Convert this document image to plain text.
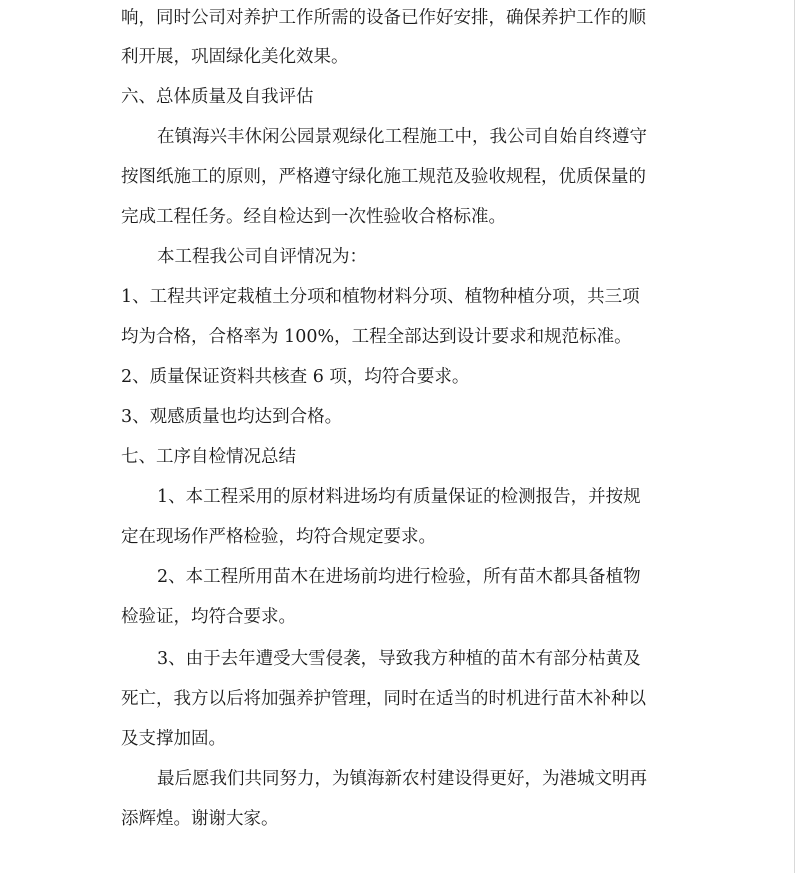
响，同时公司对养护工作所需的设备已作好安排，确保养护工作的顺
利开展，巩固绿化美化效果。
六、总体质量及自我评估
在镇海兴丰休闲公园景观绿化工程施工中，我公司自始自终遵守
按图纸施工的原则，严格遵守绿化施工规范及验收规程，优质保量的
完成工程任务。经自检达到一次性验收合格标准。
本工程我公司自评情况为：
1、工程共评定栽植土分项和植物材料分项、植物种植分项，共三项
均为合格，合格率为 100%，工程全部达到设计要求和规范标准。
2、质量保证资料共核查 6 项，均符合要求。
3、观感质量也均达到合格。
七、工序自检情况总结
1、本工程采用的原材料进场均有质量保证的检测报告，并按规
定在现场作严格检验，均符合规定要求。
2、本工程所用苗木在进场前均进行检验，所有苗木都具备植物
检验证，均符合要求。
3、由于去年遭受大雪侵袭，导致我方种植的苗木有部分枯黄及
死亡，我方以后将加强养护管理，同时在适当的时机进行苗木补种以
及支撑加固。
最后愿我们共同努力，为镇海新农村建设得更好，为港城文明再
添辉煌。谢谢大家。
